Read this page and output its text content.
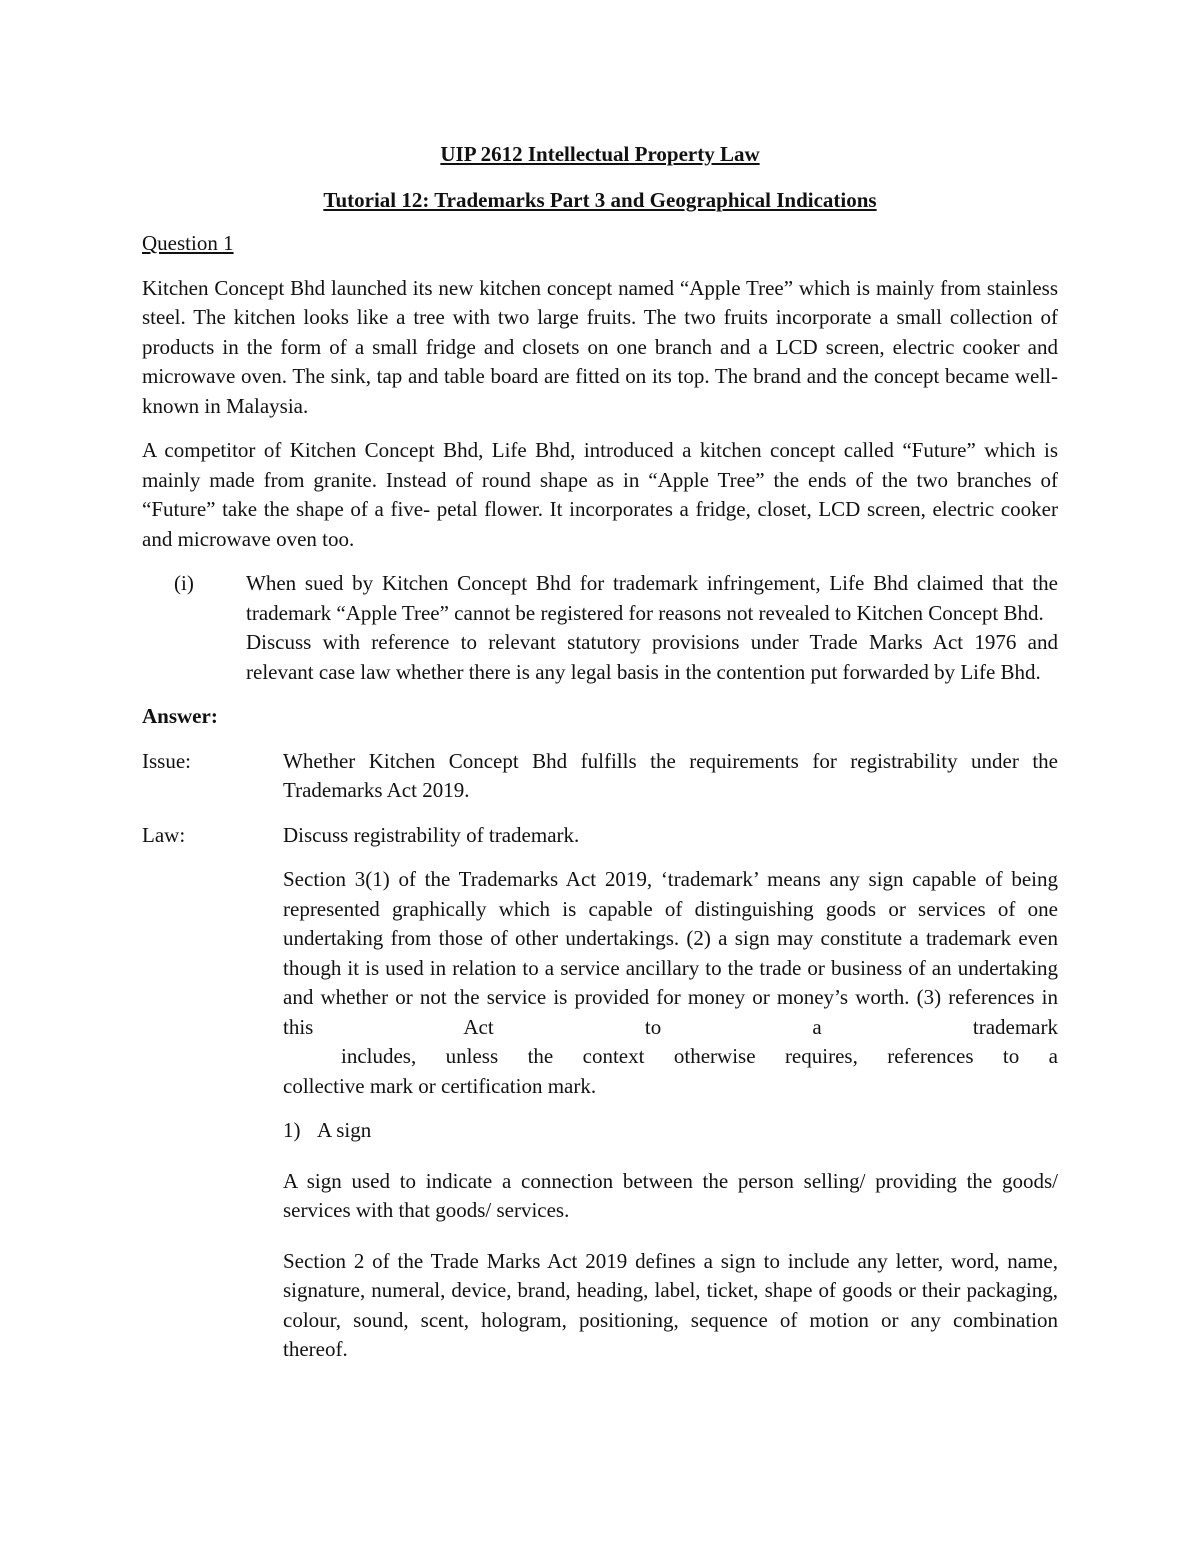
UIP 2612 Intellectual Property Law

Tutorial 12: Trademarks Part 3 and Geographical Indications

Question 1

Kitchen Concept Bhd launched its new kitchen concept named “Apple Tree” which is mainly from stainless steel. The kitchen looks like a tree with two large fruits. The two fruits incorporate a small collection of products in the form of a small fridge and closets on one branch and a LCD screen, electric cooker and microwave oven. The sink, tap and table board are fitted on its top. The brand and the concept became well-known in Malaysia.

A competitor of Kitchen Concept Bhd, Life Bhd, introduced a kitchen concept called “Future” which is mainly made from granite. Instead of round shape as in “Apple Tree” the ends of the two branches of “Future” take the shape of a five- petal flower. It incorporates a fridge, closet, LCD screen, electric cooker and microwave oven too.

(i)	When sued by Kitchen Concept Bhd for trademark infringement, Life Bhd claimed that the trademark “Apple Tree” cannot be registered for reasons not revealed to Kitchen Concept Bhd.

Discuss with reference to relevant statutory provisions under Trade Marks Act 1976 and relevant case law whether there is any legal basis in the contention put forwarded by Life Bhd.

Answer:

Issue:	Whether Kitchen Concept Bhd fulfills the requirements for registrability under the Trademarks Act 2019.
Law:	Discuss registrability of trademark.

Section 3(1) of the Trademarks Act 2019, ‘trademark’ means any sign capable of being represented graphically which is capable of distinguishing goods or services of one undertaking from those of other undertakings. (2) a sign may constitute a trademark even though it is used in relation to a service ancillary to the trade or business of an undertaking and whether or not the service is provided for money or money’s worth. (3) references in this Act to a trademark

includes, unless the context otherwise requires, references to a

collective mark or certification mark.

1) A sign

A sign used to indicate a connection between the person selling/ providing the goods/ services with that goods/ services.

Section 2 of the Trade Marks Act 2019 defines a sign to include any letter, word, name, signature, numeral, device, brand, heading, label, ticket, shape of goods or their packaging, colour, sound, scent, hologram, positioning, sequence of motion or any combination thereof.
